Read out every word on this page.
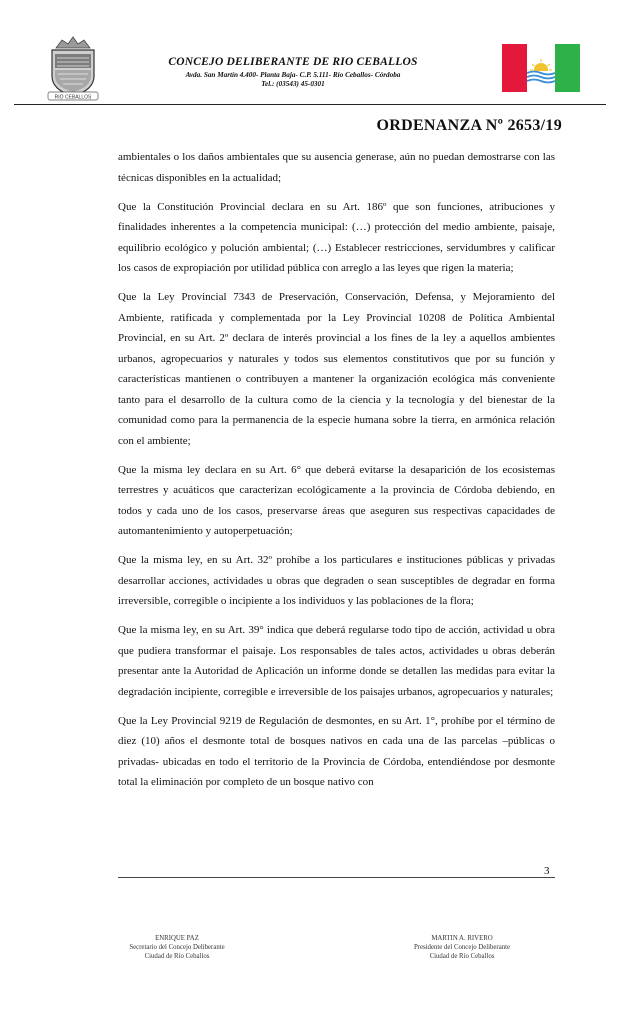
RIO CEBALLOS
CONCEJO DELIBERANTE DE RIO CEBALLOS
Avda. San Martín 4.400- Planta Baja- C.P. 5.111- Río Ceballos- Córdoba
Tel.: (03543) 45-0301
ORDENANZA Nº 2653/19

ambientales o los daños ambientales que su ausencia generase, aún no puedan demostrarse con las técnicas disponibles en la actualidad;

Que la Constitución Provincial declara en su Art. 186º que son funciones, atribuciones y finalidades inherentes a la competencia municipal: (…) protección del medio ambiente, paisaje, equilibrio ecológico y polución ambiental; (…) Establecer restricciones, servidumbres y calificar los casos de expropiación por utilidad pública con arreglo a las leyes que rigen la materia;

Que la Ley Provincial 7343 de Preservación, Conservación, Defensa, y Mejoramiento del Ambiente, ratificada y complementada por la Ley Provincial 10208 de Política Ambiental Provincial, en su Art. 2º declara de interés provincial a los fines de la ley a aquellos ambientes urbanos, agropecuarios y naturales y todos sus elementos constitutivos que por su función y características mantienen o contribuyen a mantener la organización ecológica más conveniente tanto para el desarrollo de la cultura como de la ciencia y la tecnología y del bienestar de la comunidad como para la permanencia de la especie humana sobre la tierra, en armónica relación con el ambiente;

Que la misma ley declara en su Art. 6° que deberá evitarse la desaparición de los ecosistemas terrestres y acuáticos que caracterizan ecológicamente a la provincia de Córdoba debiendo, en todos y cada uno de los casos, preservarse áreas que aseguren sus respectivas capacidades de automantenimiento y autoperpetuación;

Que la misma ley, en su Art. 32º prohíbe a los particulares e instituciones públicas y privadas desarrollar acciones, actividades u obras que degraden o sean susceptibles de degradar en forma irreversible, corregible o incipiente a los individuos y las poblaciones de la flora;

Que la misma ley, en su Art. 39° indica que deberá regularse todo tipo de acción, actividad u obra que pudiera transformar el paisaje. Los responsables de tales actos, actividades u obras deberán presentar ante la Autoridad de Aplicación un informe donde se detallen las medidas para evitar la degradación incipiente, corregible e irreversible de los paisajes urbanos, agropecuarios y naturales;

Que la Ley Provincial 9219 de Regulación de desmontes, en su Art. 1°, prohíbe por el término de diez (10) años el desmonte total de bosques nativos en cada una de las parcelas –públicas o privadas- ubicadas en todo el territorio de la Provincia de Córdoba, entendiéndose por desmonte total la eliminación por completo de un bosque nativo con

3
ENRIQUE PAZ
Secretario del Concejo Deliberante
Ciudad de Río Ceballos
MARTIN A. RIVERO
Presidente del Concejo Deliberante
Ciudad de Río Ceballos
